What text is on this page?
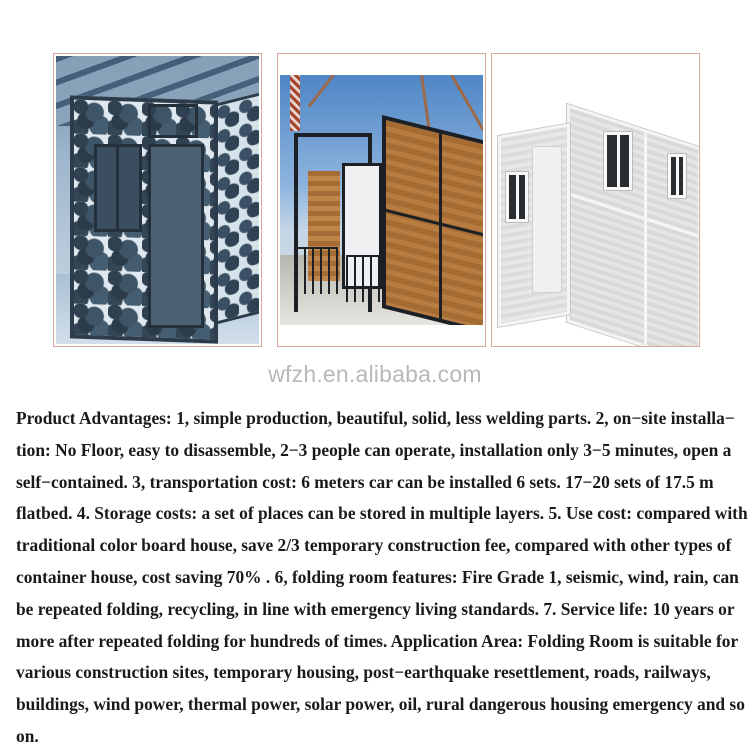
wfzh.en.alibaba.com

Product Advantages: 1, simple production, beautiful, solid, less welding parts. 2, on−site installa−
tion: No Floor, easy to disassemble, 2−3 people can operate, installation only 3−5 minutes, open a
self−contained. 3, transportation cost: 6 meters car can be installed 6 sets. 17−20 sets of 17.5 m
flatbed. 4. Storage costs: a set of places can be stored in multiple layers. 5. Use cost: compared with
traditional color board house, save 2/3 temporary construction fee, compared with other types of
container house, cost saving 70% . 6, folding room features: Fire Grade 1, seismic, wind, rain, can
be repeated folding, recycling, in line with emergency living standards. 7. Service life: 10 years or
more after repeated folding for hundreds of times. Application Area: Folding Room is suitable for
various construction sites, temporary housing, post−earthquake resettlement, roads, railways,
buildings, wind power, thermal power, solar power, oil, rural dangerous housing emergency and so
on.
